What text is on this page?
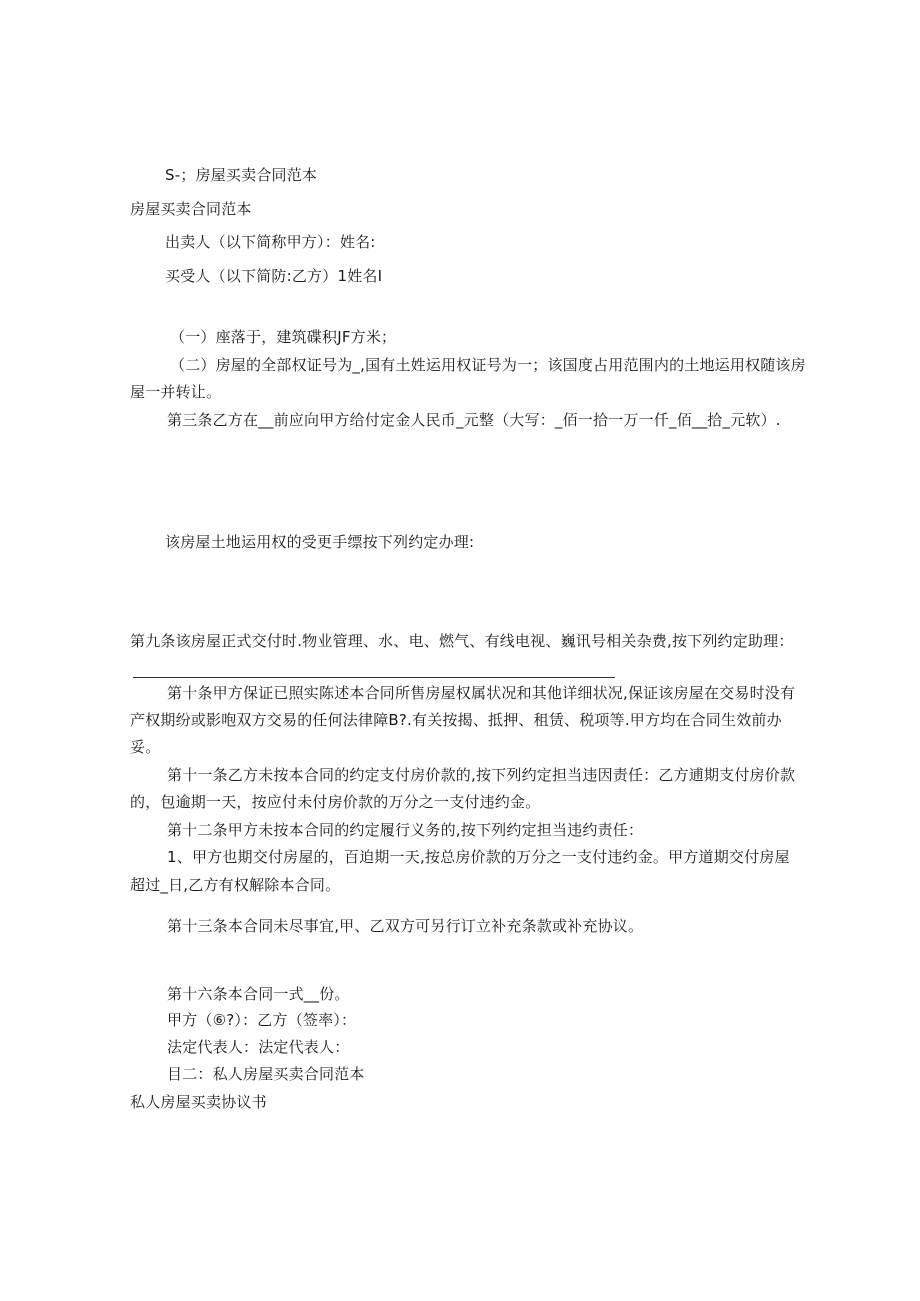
S-；房屋买卖合同范本
房屋买卖合同范本
出卖人（以下简称甲方）：姓名:
买受人（以下简防:乙方）1姓名I
（一）座落于，建筑碟积JF方米；
（二）房屋的全部权证号为_,国有土姓运用权证号为一；该国度占用范围内的土地运用权随该房
屋一并转让。
第三条乙方在__前应向甲方给付定金人民币_元整（大写：_佰一拾一万一仟_佰__拾_元软）.
该房屋土地运用权的受更手缥按下列约定办理:
第九条该房屋正式交付时.物业管理、水、电、燃气、有线电视、巍讯号相关杂费,按下列约定助理：
第十条甲方保证已照实陈述本合同所售房屋权属状况和其他详细状况,保证该房屋在交易时没有
产权期纷或影咆双方交易的任何法律障B?.有关按揭、抵押、租赁、税项等.甲方均在合同生效前办
妥。
第十一条乙方未按本合同的约定支付房价款的,按下列约定担当违因责任：乙方逋期支付房价款
的，包逾期一天，按应付未付房价款的万分之一支付违约金。
第十二条甲方未按本合同的约定履行义务的,按下列约定担当违约责任：
1、甲方也期交付房屋的，百迫期一天,按总房价款的万分之一支付违约金。甲方道期交付房屋
超过_日,乙方有权解除本合同。
第十三条本合同未尽事宜,甲、乙双方可另行订立补充条款或补充协议。
第十六条本合同一式__份。
甲方（⑥?）：乙方（签率）：
法定代表人：法定代表人：
目二：私人房屋买卖合同范本
私人房屋买卖协议书
